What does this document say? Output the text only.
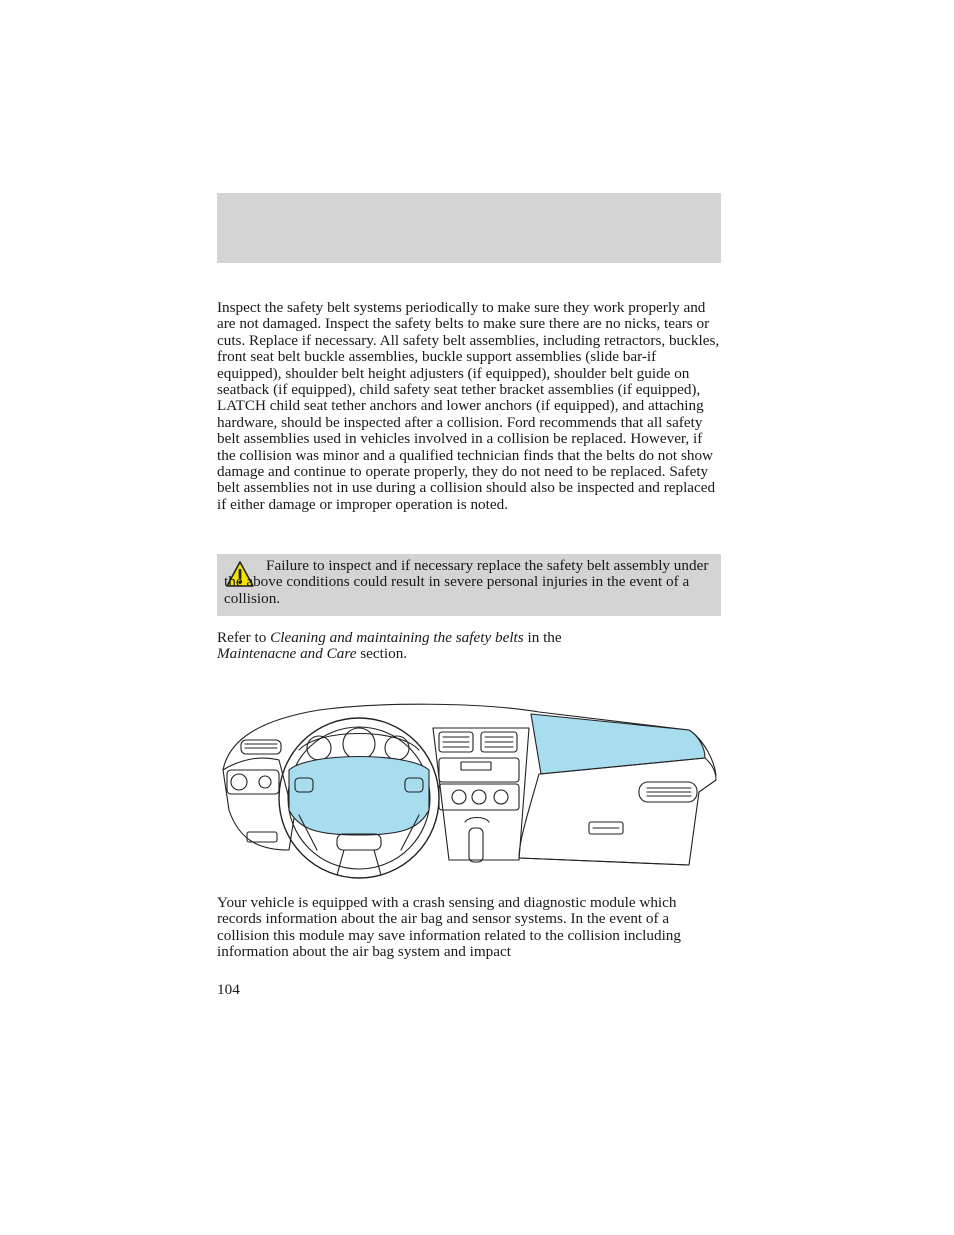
Inspect the safety belt systems periodically to make sure they work properly and are not damaged. Inspect the safety belts to make sure there are no nicks, tears or cuts. Replace if necessary. All safety belt assemblies, including retractors, buckles, front seat belt buckle assemblies, buckle support assemblies (slide bar-if equipped), shoulder belt height adjusters (if equipped), shoulder belt guide on seatback (if equipped), child safety seat tether bracket assemblies (if equipped), LATCH child seat tether anchors and lower anchors (if equipped), and attaching hardware, should be inspected after a collision. Ford recommends that all safety belt assemblies used in vehicles involved in a collision be replaced. However, if the collision was minor and a qualified technician finds that the belts do not show damage and continue to operate properly, they do not need to be replaced. Safety belt assemblies not in use during a collision should also be inspected and replaced if either damage or improper operation is noted.

Failure to inspect and if necessary replace the safety belt assembly under the above conditions could result in severe personal injuries in the event of a collision.

Refer to Cleaning and maintaining the safety belts in the
Maintenacne and Care section.

Your vehicle is equipped with a crash sensing and diagnostic module which records information about the air bag and sensor systems. In the event of a collision this module may save information related to the collision including information about the air bag system and impact

104
